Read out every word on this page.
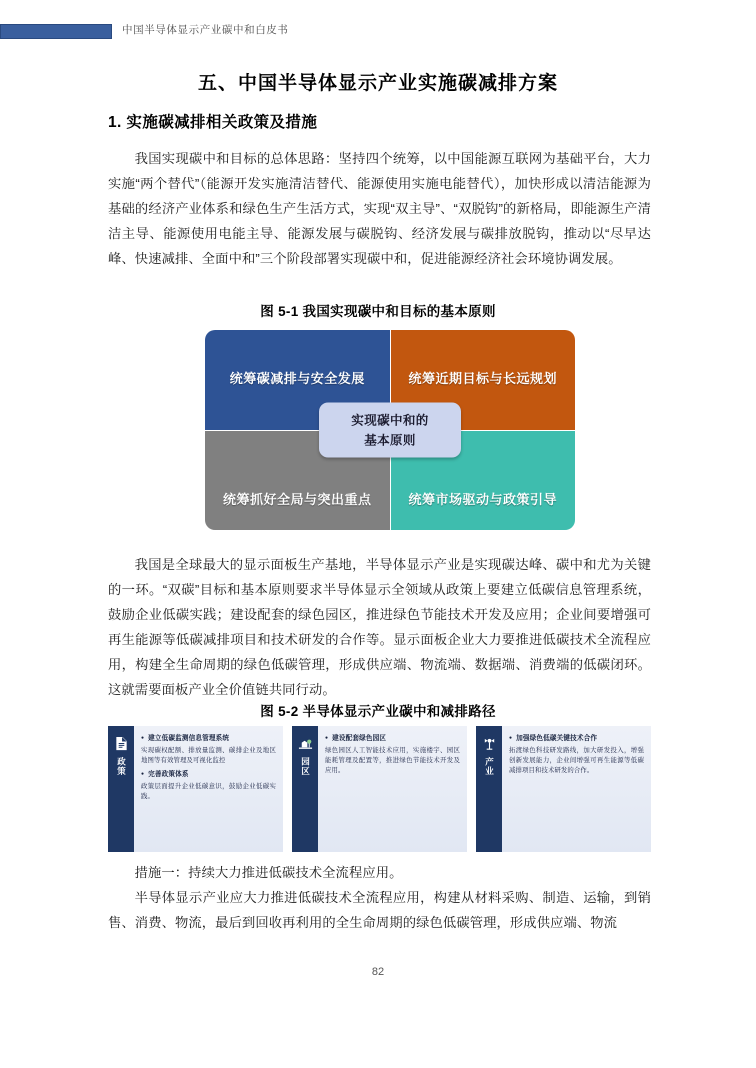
中国半导体显示产业碳中和白皮书
五、中国半导体显示产业实施碳减排方案
1. 实施碳减排相关政策及措施
我国实现碳中和目标的总体思路：坚持四个统筹，以中国能源互联网为基础平台，大力实施“两个替代”（能源开发实施清洁替代、能源使用实施电能替代），加快形成以清洁能源为基础的经济产业体系和绿色生产生活方式，实现“双主导”、“双脱钩”的新格局，即能源生产清洁主导、能源使用电能主导、能源发展与碳脱钩、经济发展与碳排放脱钩，推动以“尽早达峰、快速减排、全面中和”三个阶段部署实现碳中和，促进能源经济社会环境协调发展。
图 5-1 我国实现碳中和目标的基本原则
统筹碳减排与安全发展	统筹近期目标与长远规划
统筹抓好全局与突出重点	统筹市场驱动与政策引导
实现碳中和的
基本原则
我国是全球最大的显示面板生产基地，半导体显示产业是实现碳达峰、碳中和尤为关键的一环。“双碳”目标和基本原则要求半导体显示全领域从政策上要建立低碳信息管理系统，鼓励企业低碳实践；建设配套的绿色园区，推进绿色节能技术开发及应用；企业间要增强可再生能源等低碳减排项目和技术研发的合作等。显示面板企业大力要推进低碳技术全流程应用，构建全生命周期的绿色低碳管理，形成供应端、物流端、数据端、消费端的低碳闭环。这就需要面板产业全价值链共同行动。
图 5-2 半导体显示产业碳中和减排路径
政策

● 建立低碳监测信息管理系统

实现碳权配额、排放量监测、碳排企业及地区地图等有效管理及可视化监控

● 完善政策体系

政策层面提升企业低碳意识，鼓励企业低碳实践。

园区

● 建设配套绿色园区

绿色园区人工智能技术应用，实施楼宇、园区能耗管理及配置等，推进绿色节能技术开发及应用。	产业

● 加强绿色低碳关键技术合作

拓渡绿色科技研发路线，加大研发投入，增强创新发展能力，企业间增强可再生能源等低碳减排项目和技术研发的合作。

措施一：持续大力推进低碳技术全流程应用。
半导体显示产业应大力推进低碳技术全流程应用，构建从材料采购、制造、运输，到销售、消费、物流，最后到回收再利用的全生命周期的绿色低碳管理，形成供应端、物流
82
